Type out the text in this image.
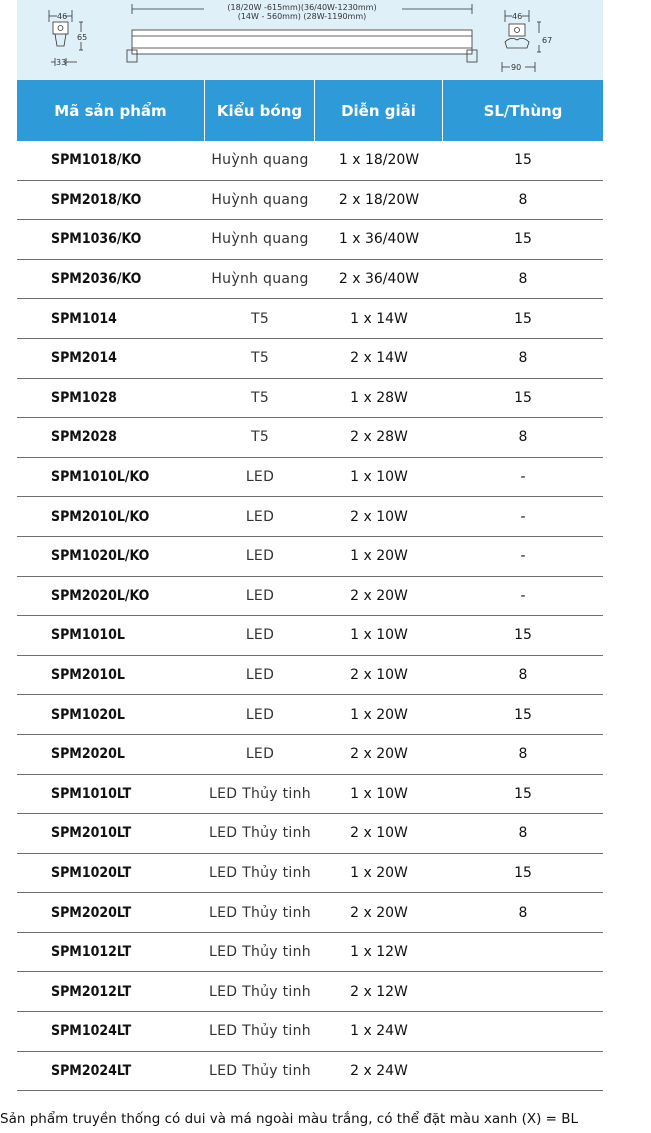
46
65
33
(18/20W -615mm)(36/40W-1230mm)
(14W - 560mm) (28W-1190mm)	46
67
90
Mã sản phẩm	Kiểu bóng	Diễn giải	SL/Thùng
SPM1018/KO	Huỳnh quang	1 x 18/20W	15
SPM2018/KO	Huỳnh quang	2 x 18/20W	8
SPM1036/KO	Huỳnh quang	1 x 36/40W	15
SPM2036/KO	Huỳnh quang	2 x 36/40W	8
SPM1014	T5	1 x 14W	15
SPM2014	T5	2 x 14W	8
SPM1028	T5	1 x 28W	15
SPM2028	T5	2 x 28W	8
SPM1010L/KO	LED	1 x 10W	-
SPM2010L/KO	LED	2 x 10W	-
SPM1020L/KO	LED	1 x 20W	-
SPM2020L/KO	LED	2 x 20W	-
SPM1010L	LED	1 x 10W	15
SPM2010L	LED	2 x 10W	8
SPM1020L	LED	1 x 20W	15
SPM2020L	LED	2 x 20W	8
SPM1010LT	LED Thủy tinh	1 x 10W	15
SPM2010LT	LED Thủy tinh	2 x 10W	8
SPM1020LT	LED Thủy tinh	1 x 20W	15
SPM2020LT	LED Thủy tinh	2 x 20W	8
SPM1012LT	LED Thủy tinh	1 x 12W
SPM2012LT	LED Thủy tinh	2 x 12W
SPM1024LT	LED Thủy tinh	1 x 24W
SPM2024LT	LED Thủy tinh	2 x 24W
Sản phẩm truyền thống có dui và má ngoài màu trắng, có thể đặt màu xanh (X) = BL
